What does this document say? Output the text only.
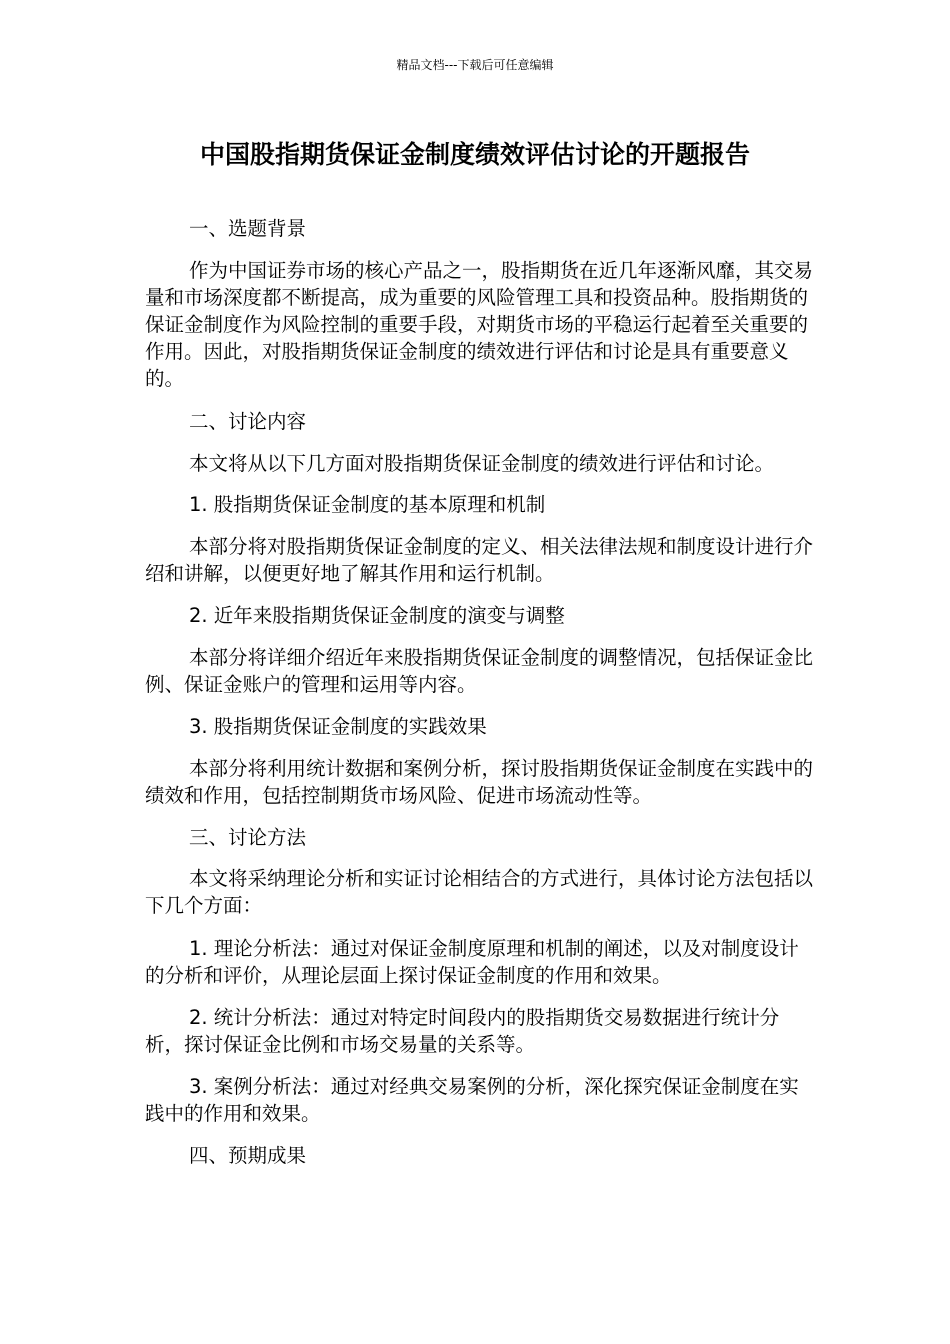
精品文档---下载后可任意编辑
中国股指期货保证金制度绩效评估讨论的开题报告

一、选题背景

作为中国证券市场的核心产品之一，股指期货在近几年逐渐风靡，其交易量和市场深度都不断提高，成为重要的风险管理工具和投资品种。股指期货的保证金制度作为风险控制的重要手段，对期货市场的平稳运行起着至关重要的作用。因此，对股指期货保证金制度的绩效进行评估和讨论是具有重要意义的。

二、讨论内容

本文将从以下几方面对股指期货保证金制度的绩效进行评估和讨论。

1. 股指期货保证金制度的基本原理和机制

本部分将对股指期货保证金制度的定义、相关法律法规和制度设计进行介绍和讲解，以便更好地了解其作用和运行机制。

2. 近年来股指期货保证金制度的演变与调整

本部分将详细介绍近年来股指期货保证金制度的调整情况，包括保证金比例、保证金账户的管理和运用等内容。

3. 股指期货保证金制度的实践效果

本部分将利用统计数据和案例分析，探讨股指期货保证金制度在实践中的绩效和作用，包括控制期货市场风险、促进市场流动性等。

三、讨论方法

本文将采纳理论分析和实证讨论相结合的方式进行，具体讨论方法包括以下几个方面：

1. 理论分析法：通过对保证金制度原理和机制的阐述，以及对制度设计的分析和评价，从理论层面上探讨保证金制度的作用和效果。

2. 统计分析法：通过对特定时间段内的股指期货交易数据进行统计分析，探讨保证金比例和市场交易量的关系等。

3. 案例分析法：通过对经典交易案例的分析，深化探究保证金制度在实践中的作用和效果。

四、预期成果
